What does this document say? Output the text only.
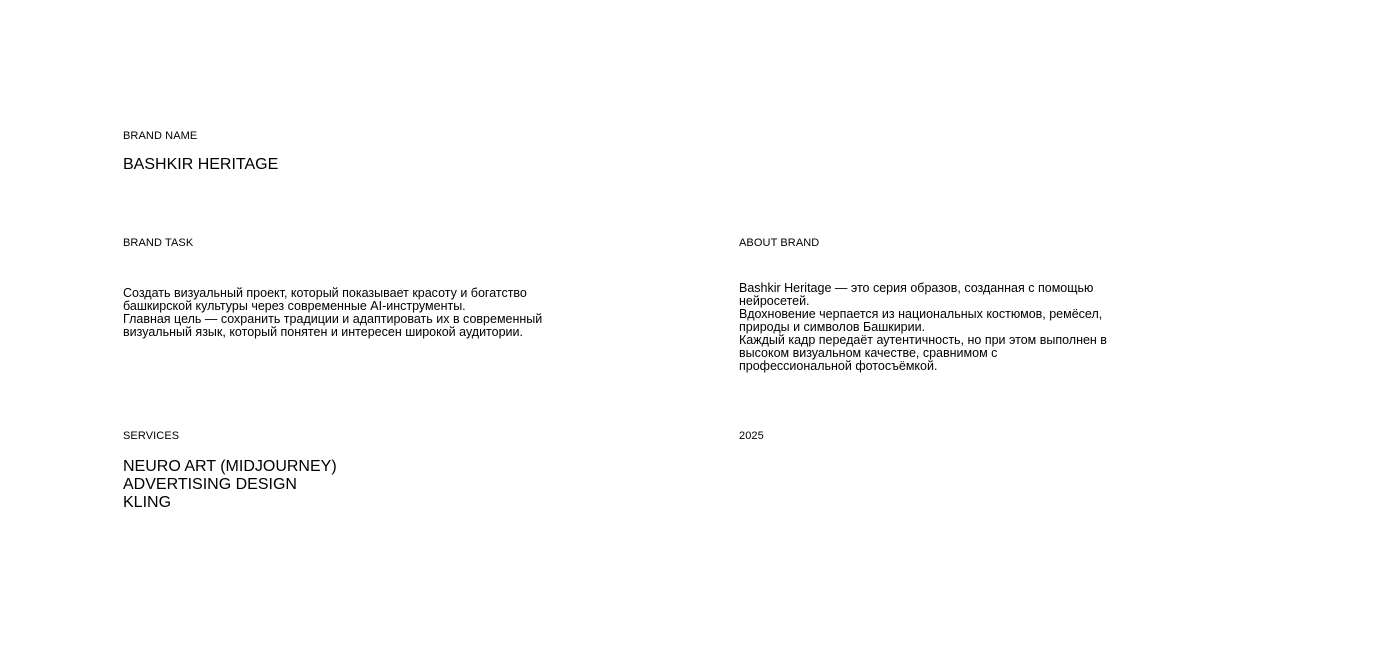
BRAND NAME
BASHKIR HERITAGE
BRAND TASK
Создать визуальный проект, который показывает красоту и богатство
башкирской культуры через современные AI-инструменты.
Главная цель — сохранить традиции и адаптировать их в современный
визуальный язык, который понятен и интересен широкой аудитории.
ABOUT BRAND
Bashkir Heritage — это серия образов, созданная с помощью
нейросетей.
Вдохновение черпается из национальных костюмов, ремёсел,
природы и символов Башкирии.
Каждый кадр передаёт аутентичность, но при этом выполнен в
высоком визуальном качестве, сравнимом с
профессиональной фотосъёмкой.
SERVICES
NEURO ART (MIDJOURNEY)
ADVERTISING DESIGN
KLING
2025
